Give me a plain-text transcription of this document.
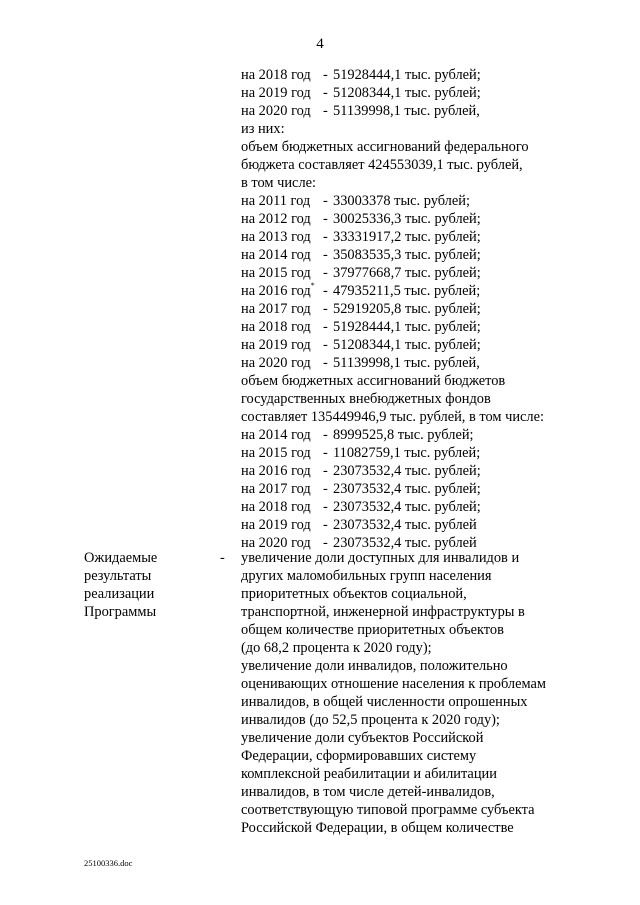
4
на 2018 год - 51928444,1 тыс. рублей;
на 2019 год - 51208344,1 тыс. рублей;
на 2020 год - 51139998,1 тыс. рублей,
из них:
объем бюджетных ассигнований федерального
бюджета составляет 424553039,1 тыс. рублей,
в том числе:
на 2011 год - 33003378 тыс. рублей;
на 2012 год - 30025336,3 тыс. рублей;
на 2013 год - 33331917,2 тыс. рублей;
на 2014 год - 35083535,3 тыс. рублей;
на 2015 год - 37977668,7 тыс. рублей;
на 2016 год* - 47935211,5 тыс. рублей;
на 2017 год - 52919205,8 тыс. рублей;
на 2018 год - 51928444,1 тыс. рублей;
на 2019 год - 51208344,1 тыс. рублей;
на 2020 год - 51139998,1 тыс. рублей,
объем бюджетных ассигнований бюджетов
государственных внебюджетных фондов
составляет 135449946,9 тыс. рублей, в том числе:
на 2014 год - 8999525,8 тыс. рублей;
на 2015 год - 11082759,1 тыс. рублей;
на 2016 год - 23073532,4 тыс. рублей;
на 2017 год - 23073532,4 тыс. рублей;
на 2018 год - 23073532,4 тыс. рублей;
на 2019 год - 23073532,4 тыс. рублей
на 2020 год - 23073532,4 тыс. рублей
Ожидаемые
результаты
реализации
Программы
- увеличение доли доступных для инвалидов и
других маломобильных групп населения
приоритетных объектов социальной,
транспортной, инженерной инфраструктуры в
общем количестве приоритетных объектов
(до 68,2 процента к 2020 году);
увеличение доли инвалидов, положительно
оценивающих отношение населения к проблемам
инвалидов, в общей численности опрошенных
инвалидов (до 52,5 процента к 2020 году);
увеличение доли субъектов Российской
Федерации, сформировавших систему
комплексной реабилитации и абилитации
инвалидов, в том числе детей-инвалидов,
соответствующую типовой программе субъекта
Российской Федерации, в общем количестве
25100336.doc
